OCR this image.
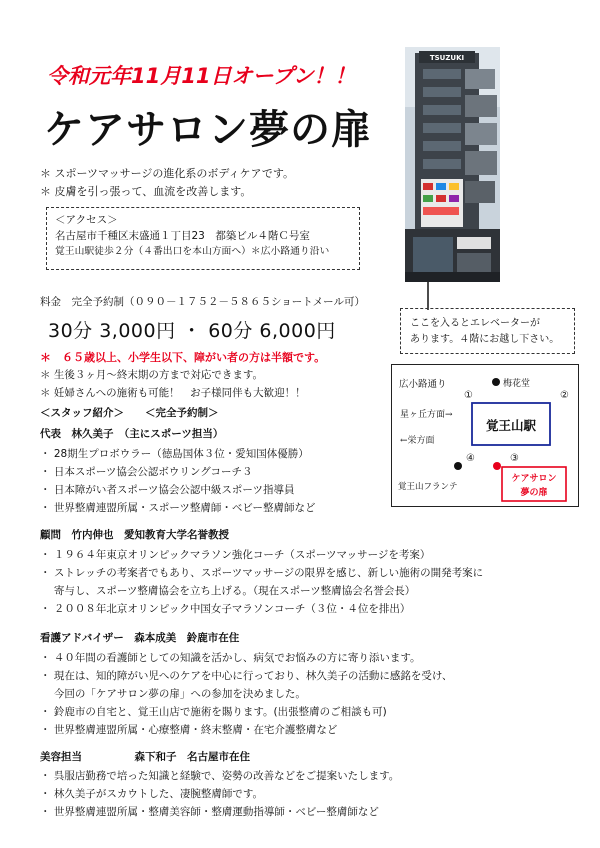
令和元年11月11日オープン！！
ケアサロン夢の扉
＊ スポーツマッサージの進化系のボディケアです。
＊ 皮膚を引っ張って、血流を改善します。
＜アクセス＞
名古屋市千種区末盛通１丁目23　都築ビル４階Ｃ号室
覚王山駅徒歩２分（４番出口を本山方面へ）＊広小路通り沿い
TSUZUKI
料金　完全予約制（０９０－１７５２－５８６５ショートメール可）
30分 3,000円 ・ 60分 6,000円
＊　６５歳以上、小学生以下、障がい者の方は半額です。
＊ 生後３ヶ月～終末期の方まで対応できます。
＊ 妊婦さんへの施術も可能！　お子様同伴も大歓迎！！
ここを入るとエレベーターが
あります。４階にお越し下さい。
広小路通り	梅花堂
①	②
星ヶ丘方面→
←栄方面
覚王山駅
④	③
覚王山フランテ
ケアサロン
夢の扉
＜スタッフ紹介＞　　＜完全予約制＞
代表　林久美子　（主にスポーツ担当）
・ 28期生プロボウラー（徳島国体３位・愛知国体優勝）
・ 日本スポーツ協会公認ボウリングコーチ３
・ 日本障がい者スポーツ協会公認中級スポーツ指導員
・ 世界整膚連盟所属・スポーツ整膚師・ベビー整膚師など
顧問　竹内伸也　愛知教育大学名誉教授
・ １９６４年東京オリンピックマラソン強化コーチ（スポーツマッサージを考案）
・ ストレッチの考案者でもあり、スポーツマッサージの限界を感じ、新しい施術の開発考案に
　 寄与し、スポーツ整膚協会を立ち上げる。（現在スポーツ整膚協会名誉会長）
・ ２００８年北京オリンピック中国女子マラソンコーチ（３位・４位を排出）
看護アドバイザー　森本成美　鈴鹿市在住
・ ４０年間の看護師としての知識を活かし、病気でお悩みの方に寄り添います。
・ 現在は、知的障がい児へのケアを中心に行っており、林久美子の活動に感銘を受け、
　 今回の「ケアサロン夢の扉」への参加を決めました。
・ 鈴鹿市の自宅と、覚王山店で施術を賜ります。(出張整膚のご相談も可)
・ 世界整膚連盟所属・心療整膚・終末整膚・在宅介護整膚など
美容担当　　　　　森下和子　名古屋市在住
・ 呉服店勤務で培った知識と経験で、姿勢の改善などをご提案いたします。
・ 林久美子がスカウトした、凄腕整膚師です。
・ 世界整膚連盟所属・整膚美容師・整膚運動指導師・ベビー整膚師など
